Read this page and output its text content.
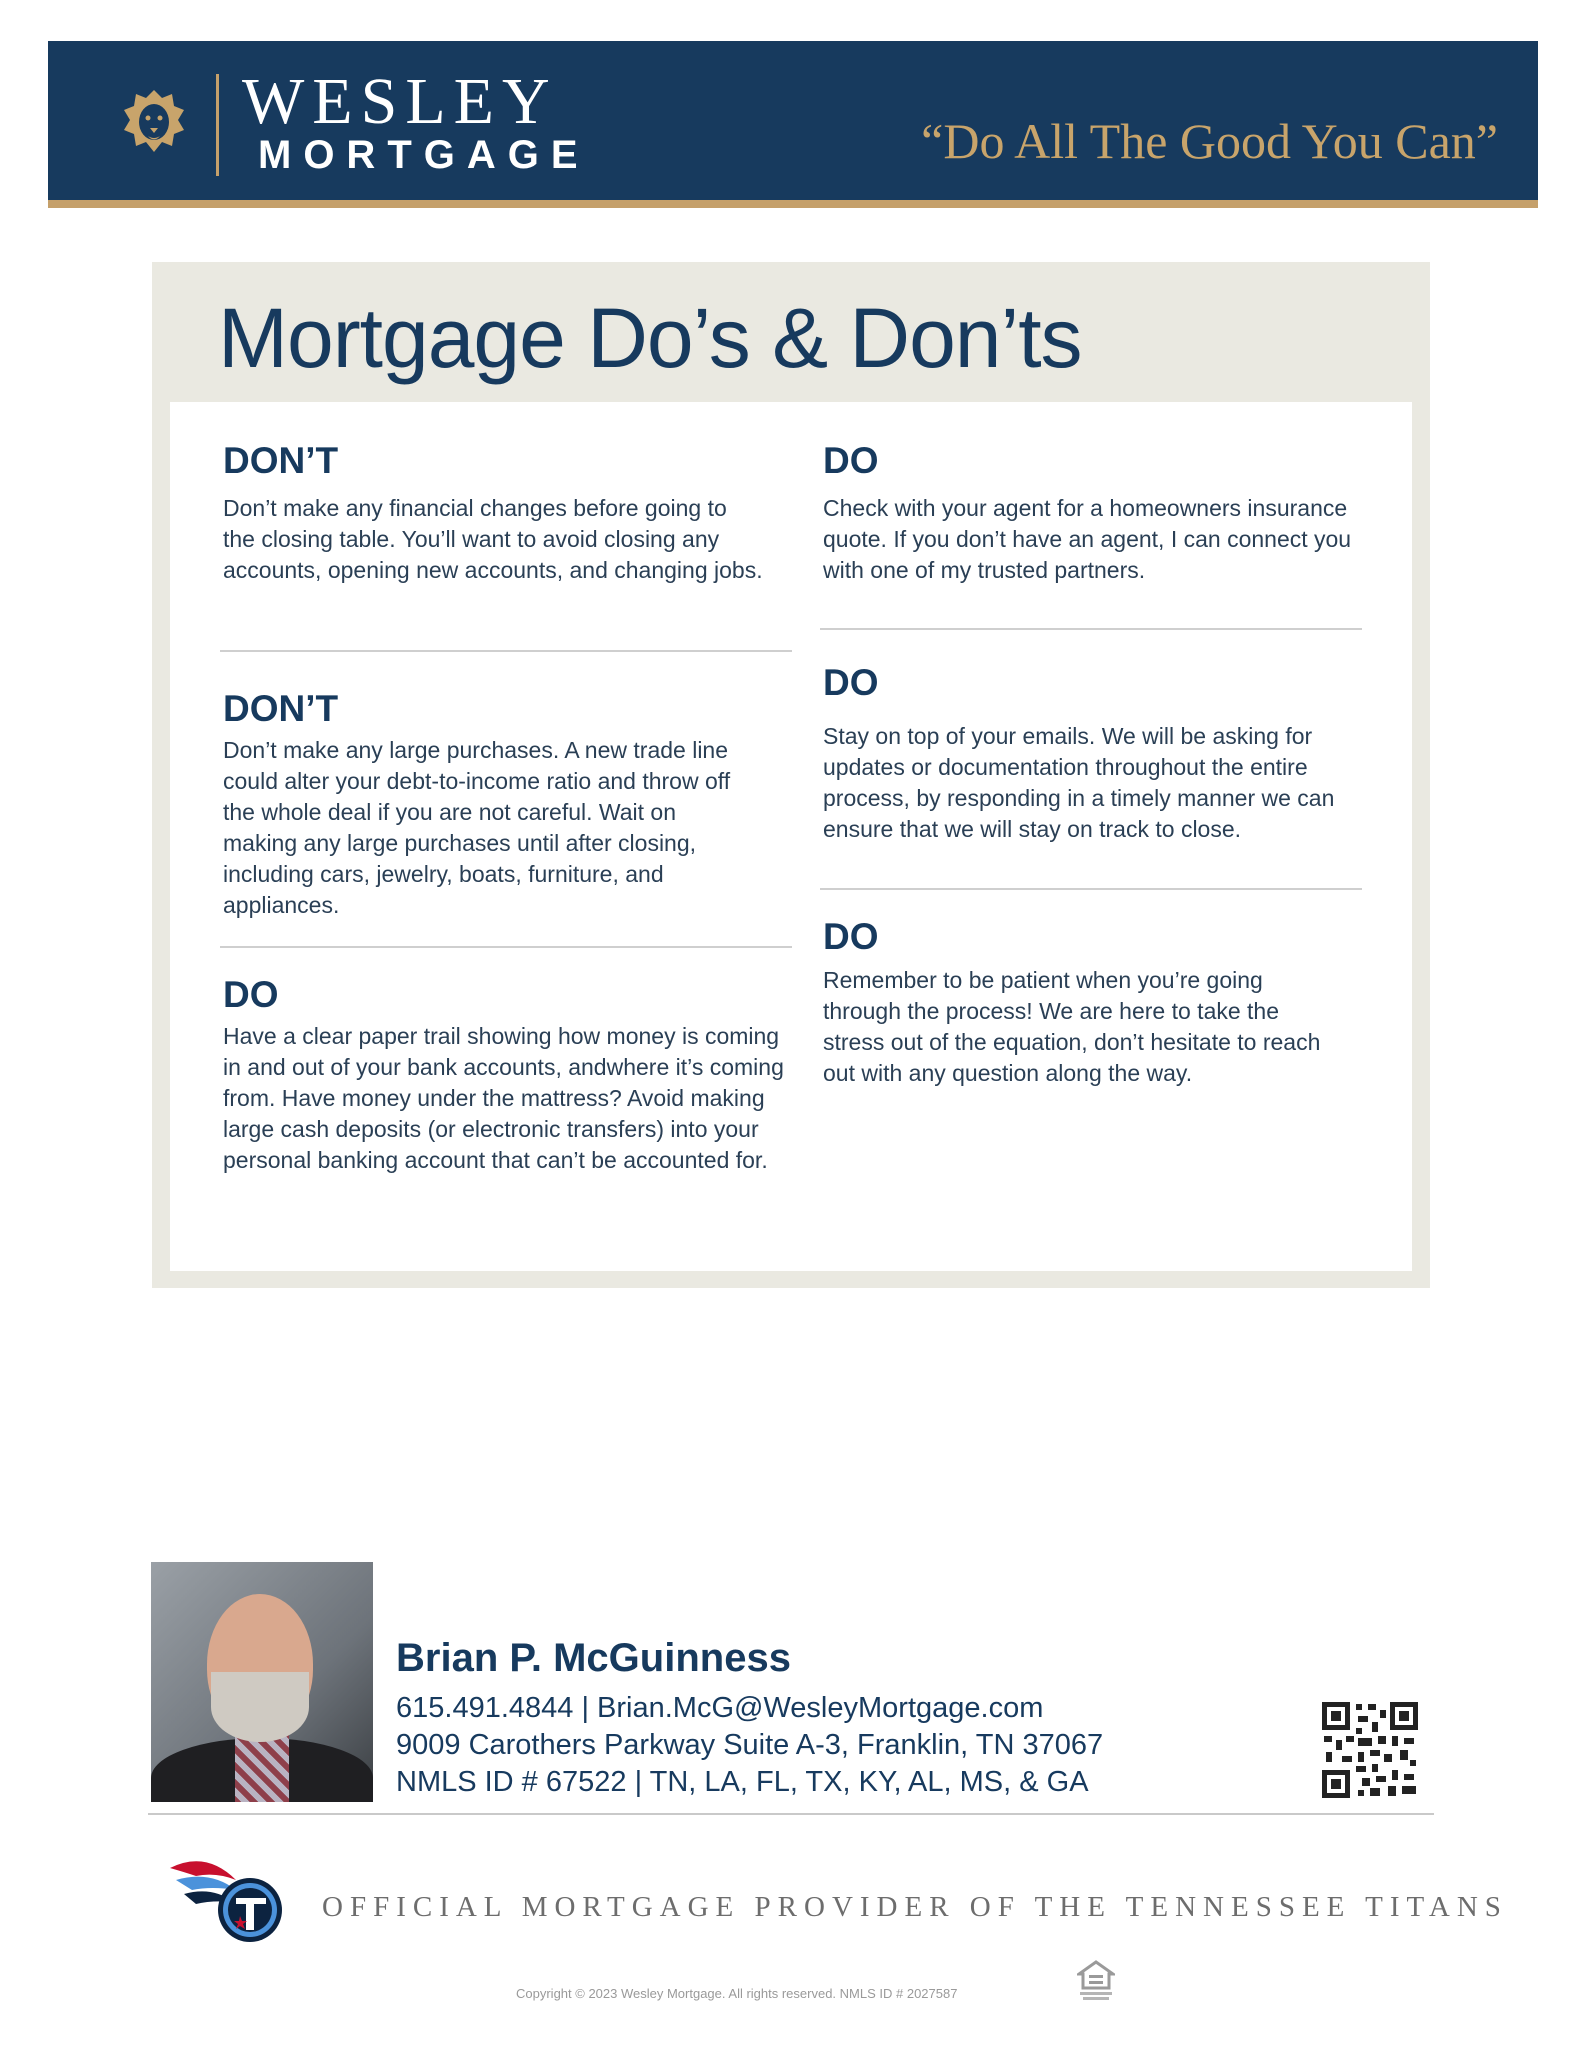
WESLEY
MORTGAGE	“Do All The Good You Can”
Mortgage Do’s & Don’ts
DON’T

Don’t make any financial changes before going to the closing table. You’ll want to avoid closing any accounts, opening new accounts, and changing jobs.

DON’T

Don’t make any large purchases. A new trade line could alter your debt-to-income ratio and throw off the whole deal if you are not careful. Wait on making any large purchases until after closing, including cars, jewelry, boats, furniture, and appliances.

DO

Have a clear paper trail showing how money is coming in and out of your bank accounts, andwhere it’s coming from. Have money under the mattress? Avoid making large cash deposits (or electronic transfers) into your personal banking account that can’t be accounted for.

DO

Check with your agent for a homeowners insurance quote. If you don’t have an agent, I can connect you with one of my trusted partners.

DO

Stay on top of your emails. We will be asking for updates or documentation throughout the entire process, by responding in a timely manner we can ensure that we will stay on track to close.

DO

Remember to be patient when you’re going through the process! We are here to take the stress out of the equation, don’t hesitate to reach out with any question along the way.

Brian P. McGuinness
615.491.4844 | Brian.McG@WesleyMortgage.com
9009 Carothers Parkway Suite A-3, Franklin, TN 37067
NMLS ID # 67522 | TN, LA, FL, TX, KY, AL, MS, & GA
OFFICIAL MORTGAGE PROVIDER OF THE TENNESSEE TITANS
Copyright © 2023 Wesley Mortgage. All rights reserved. NMLS ID # 2027587
